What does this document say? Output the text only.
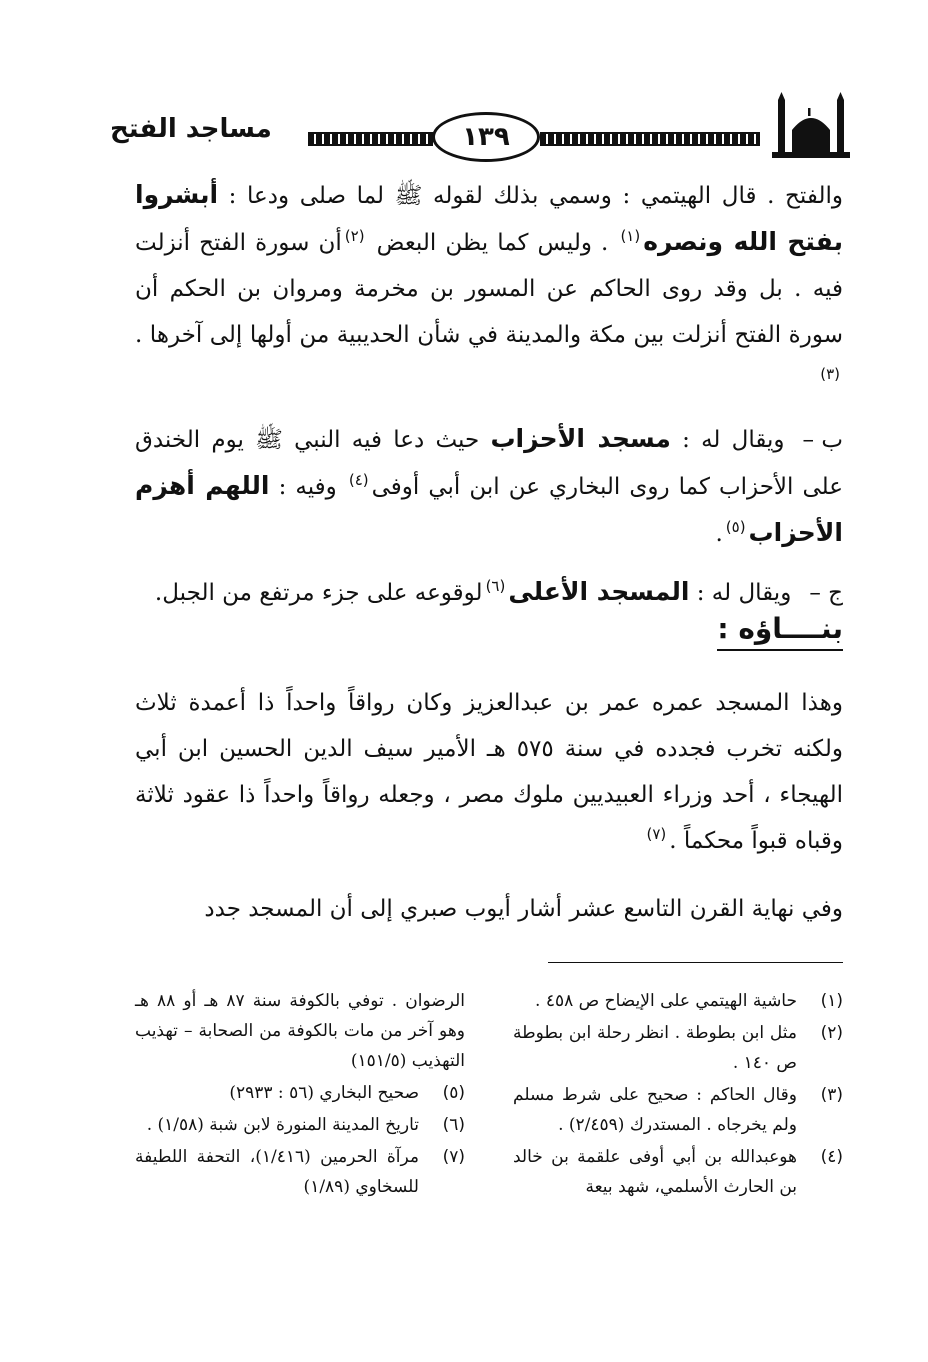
١٣٩
مساجد الفتح

والفتح . قال الهيتمي : وسمي بذلك لقوله ﷺ لما صلى ودعا : أبشروا بفتح الله ونصره$^{(١)}$ . وليس كما يظن البعض $^{(٢)}$أن سورة الفتح أنزلت فيه . بل وقد روى الحاكم عن المسور بن مخرمة ومروان بن الحكم أن سورة الفتح أنزلت بين مكة والمدينة في شأن الحديبية من أولها إلى آخرها .$^{(٣)}$

ب –ويقال له : مسجد الأحزاب حيث دعا فيه النبي ﷺ يوم الخندق على الأحزاب كما روى البخاري عن ابن أبي أوفى$^{(٤)}$ وفيه : اللهم أهزم الأحزاب$^{(٥)}$.

ج –ويقال له : المسجد الأعلى$^{(٦)}$لوقوعه على جزء مرتفع من الجبل.

بنــــاؤه :

وهذا المسجد عمره عمر بن عبدالعزيز وكان رواقاً واحداً ذا أعمدة ثلاث ولكنه تخرب فجدده في سنة ٥٧٥ هـ الأمير سيف الدين الحسين ابن أبي الهيجاء ، أحد وزراء العبيديين ملوك مصر ، وجعله رواقاً واحداً ذا عقود ثلاثة وقباه قبواً محكماً .$^{(٧)}$

وفي نهاية القرن التاسع عشر أشار أيوب صبري إلى أن المسجد جدد

(١)
حاشية الهيتمي على الإيضاح ص ٤٥٨ .
(٢)
مثل ابن بطوطة . انظر رحلة ابن بطوطة ص ١٤٠ .
(٣)
وقال الحاكم : صحيح على شرط مسلم ولم يخرجاه . المستدرك (٢/٤٥٩) .
(٤)
هوعبدالله بن أبي أوفى علقمة بن خالد بن الحارث الأسلمي، شهد بيعة
الرضوان . توفي بالكوفة سنة ٨٧ هـ أو ٨٨ هـ وهو آخر من مات بالكوفة من الصحابة – تهذيب التهذيب (١٥١/٥)
(٥)
صحيح البخاري (٥٦ : ٢٩٣٣)
(٦)
تاريخ المدينة المنورة لابن شبة (١/٥٨) .
(٧)
مرآة الحرمين (١/٤١٦)، التحفة اللطيفة للسخاوي (١/٨٩)
